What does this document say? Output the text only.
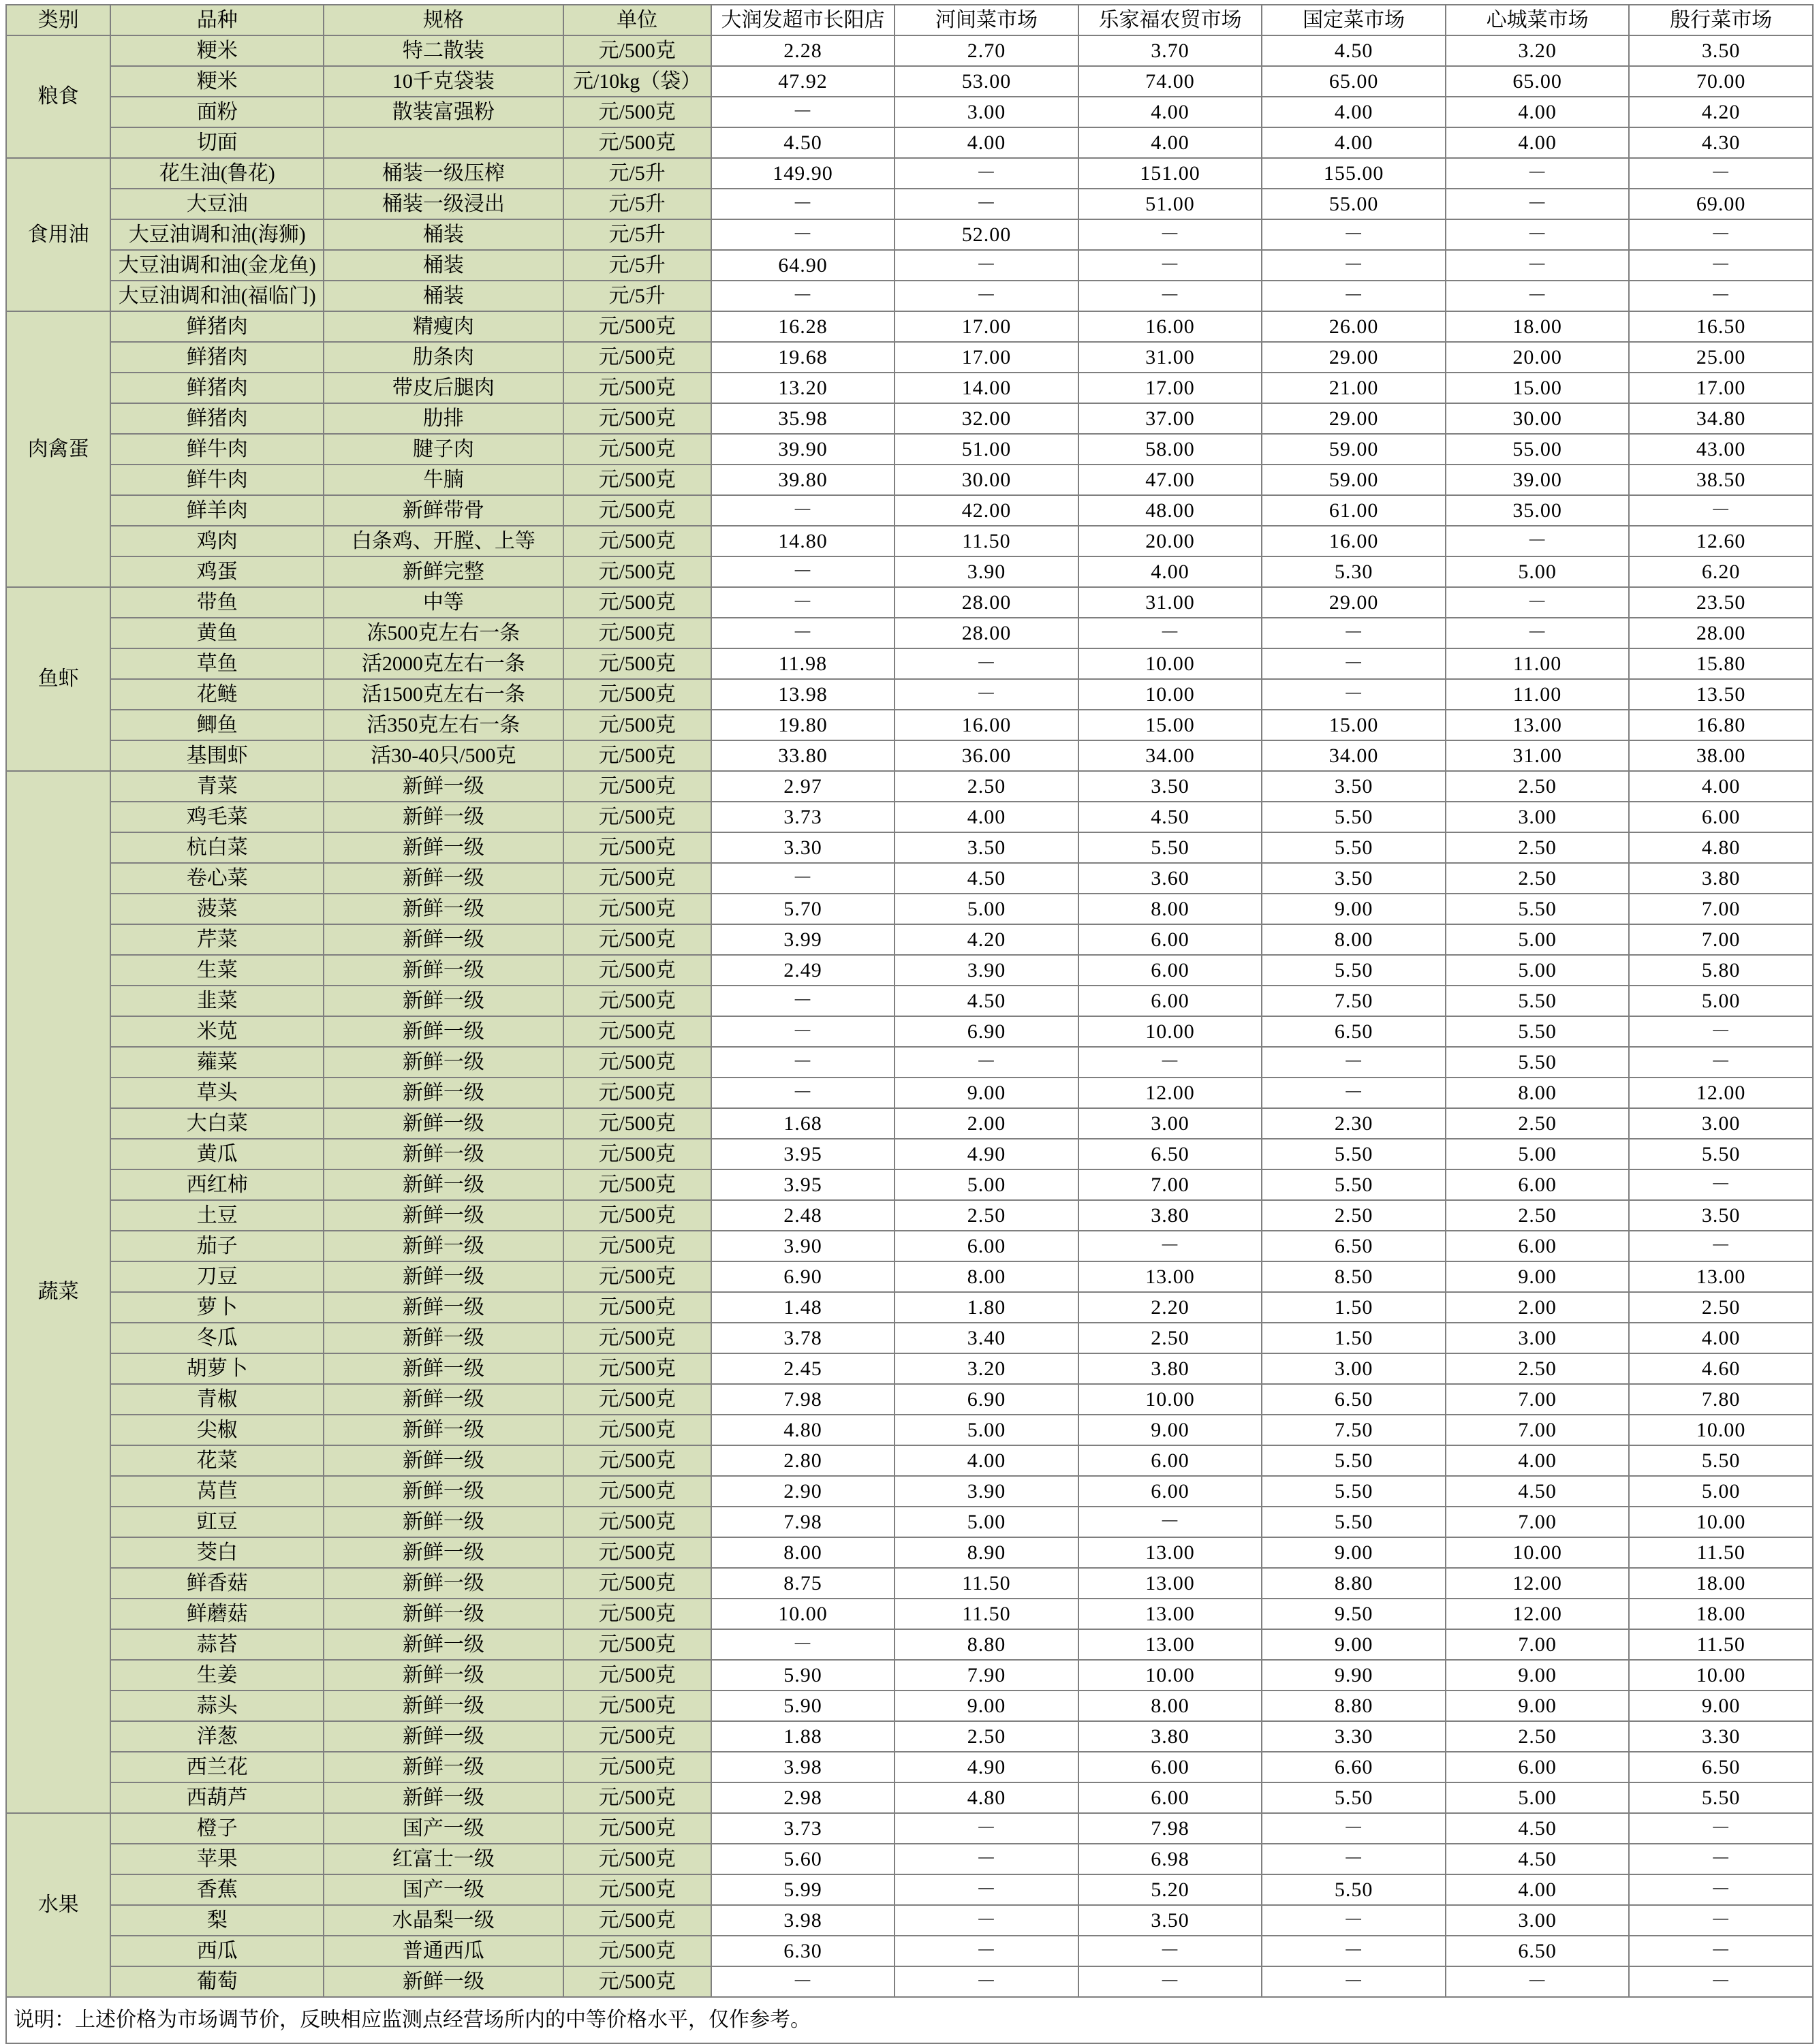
类别	品种	规格	单位	大润发超市长阳店	河间菜市场	乐家福农贸市场	国定菜市场	心城菜市场	殷行菜市场
粮食	粳米	特二散装	元/500克	2.28	2.70	3.70	4.50	3.20	3.50
	粳米	10千克袋装	元/10kg（袋）	47.92	53.00	74.00	65.00	65.00	70.00
	面粉	散装富强粉	元/500克	－	3.00	4.00	4.00	4.00	4.20
	切面		元/500克	4.50	4.00	4.00	4.00	4.00	4.30
食用油	花生油(鲁花)	桶装一级压榨	元/5升	149.90	－	151.00	155.00	－	－
	大豆油	桶装一级浸出	元/5升	－	－	51.00	55.00	－	69.00
	大豆油调和油(海狮)	桶装	元/5升	－	52.00	－	－	－	－
	大豆油调和油(金龙鱼)	桶装	元/5升	64.90	－	－	－	－	－
	大豆油调和油(福临门)	桶装	元/5升	－	－	－	－	－	－
肉禽蛋	鲜猪肉	精瘦肉	元/500克	16.28	17.00	16.00	26.00	18.00	16.50
	鲜猪肉	肋条肉	元/500克	19.68	17.00	31.00	29.00	20.00	25.00
	鲜猪肉	带皮后腿肉	元/500克	13.20	14.00	17.00	21.00	15.00	17.00
	鲜猪肉	肋排	元/500克	35.98	32.00	37.00	29.00	30.00	34.80
	鲜牛肉	腱子肉	元/500克	39.90	51.00	58.00	59.00	55.00	43.00
	鲜牛肉	牛腩	元/500克	39.80	30.00	47.00	59.00	39.00	38.50
	鲜羊肉	新鲜带骨	元/500克	－	42.00	48.00	61.00	35.00	－
	鸡肉	白条鸡、开膛、上等	元/500克	14.80	11.50	20.00	16.00	－	12.60
	鸡蛋	新鲜完整	元/500克	－	3.90	4.00	5.30	5.00	6.20
鱼虾	带鱼	中等	元/500克	－	28.00	31.00	29.00	－	23.50
	黄鱼	冻500克左右一条	元/500克	－	28.00	－	－	－	28.00
	草鱼	活2000克左右一条	元/500克	11.98	－	10.00	－	11.00	15.80
	花鲢	活1500克左右一条	元/500克	13.98	－	10.00	－	11.00	13.50
	鲫鱼	活350克左右一条	元/500克	19.80	16.00	15.00	15.00	13.00	16.80
	基围虾	活30-40只/500克	元/500克	33.80	36.00	34.00	34.00	31.00	38.00
蔬菜	青菜	新鲜一级	元/500克	2.97	2.50	3.50	3.50	2.50	4.00
	鸡毛菜	新鲜一级	元/500克	3.73	4.00	4.50	5.50	3.00	6.00
	杭白菜	新鲜一级	元/500克	3.30	3.50	5.50	5.50	2.50	4.80
	卷心菜	新鲜一级	元/500克	－	4.50	3.60	3.50	2.50	3.80
	菠菜	新鲜一级	元/500克	5.70	5.00	8.00	9.00	5.50	7.00
	芹菜	新鲜一级	元/500克	3.99	4.20	6.00	8.00	5.00	7.00
	生菜	新鲜一级	元/500克	2.49	3.90	6.00	5.50	5.00	5.80
	韭菜	新鲜一级	元/500克	－	4.50	6.00	7.50	5.50	5.00
	米苋	新鲜一级	元/500克	－	6.90	10.00	6.50	5.50	－
	蕹菜	新鲜一级	元/500克	－	－	－	－	5.50	－
	草头	新鲜一级	元/500克	－	9.00	12.00	－	8.00	12.00
	大白菜	新鲜一级	元/500克	1.68	2.00	3.00	2.30	2.50	3.00
	黄瓜	新鲜一级	元/500克	3.95	4.90	6.50	5.50	5.00	5.50
	西红柿	新鲜一级	元/500克	3.95	5.00	7.00	5.50	6.00	－
	土豆	新鲜一级	元/500克	2.48	2.50	3.80	2.50	2.50	3.50
	茄子	新鲜一级	元/500克	3.90	6.00	－	6.50	6.00	－
	刀豆	新鲜一级	元/500克	6.90	8.00	13.00	8.50	9.00	13.00
	萝卜	新鲜一级	元/500克	1.48	1.80	2.20	1.50	2.00	2.50
	冬瓜	新鲜一级	元/500克	3.78	3.40	2.50	1.50	3.00	4.00
	胡萝卜	新鲜一级	元/500克	2.45	3.20	3.80	3.00	2.50	4.60
	青椒	新鲜一级	元/500克	7.98	6.90	10.00	6.50	7.00	7.80
	尖椒	新鲜一级	元/500克	4.80	5.00	9.00	7.50	7.00	10.00
	花菜	新鲜一级	元/500克	2.80	4.00	6.00	5.50	4.00	5.50
	莴苣	新鲜一级	元/500克	2.90	3.90	6.00	5.50	4.50	5.00
	豇豆	新鲜一级	元/500克	7.98	5.00	－	5.50	7.00	10.00
	茭白	新鲜一级	元/500克	8.00	8.90	13.00	9.00	10.00	11.50
	鲜香菇	新鲜一级	元/500克	8.75	11.50	13.00	8.80	12.00	18.00
	鲜蘑菇	新鲜一级	元/500克	10.00	11.50	13.00	9.50	12.00	18.00
	蒜苔	新鲜一级	元/500克	－	8.80	13.00	9.00	7.00	11.50
	生姜	新鲜一级	元/500克	5.90	7.90	10.00	9.90	9.00	10.00
	蒜头	新鲜一级	元/500克	5.90	9.00	8.00	8.80	9.00	9.00
	洋葱	新鲜一级	元/500克	1.88	2.50	3.80	3.30	2.50	3.30
	西兰花	新鲜一级	元/500克	3.98	4.90	6.00	6.60	6.00	6.50
	西葫芦	新鲜一级	元/500克	2.98	4.80	6.00	5.50	5.00	5.50
水果	橙子	国产一级	元/500克	3.73	－	7.98	－	4.50	－
	苹果	红富士一级	元/500克	5.60	－	6.98	－	4.50	－
	香蕉	国产一级	元/500克	5.99	－	5.20	5.50	4.00	－
	梨	水晶梨一级	元/500克	3.98	－	3.50	－	3.00	－
	西瓜	普通西瓜	元/500克	6.30	－	－	－	6.50	－
	葡萄	新鲜一级	元/500克	－	－	－	－	－	－
说明：上述价格为市场调节价，反映相应监测点经营场所内的中等价格水平，仅作参考。									
